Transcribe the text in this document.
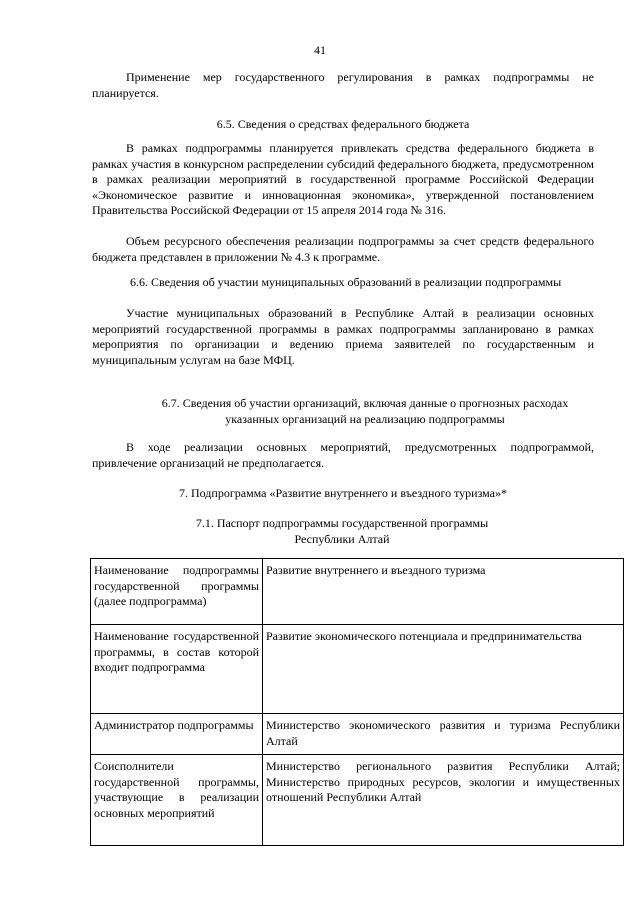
41

Применение мер государственного регулирования в рамках подпрограммы не планируется.

6.5. Сведения о средствах федерального бюджета

В рамках подпрограммы планируется привлекать средства федерального бюджета в рамках участия в конкурсном распределении субсидий федерального бюджета, предусмотренном в рамках реализации мероприятий в государственной программе Российской Федерации «Экономическое развитие и инновационная экономика», утвержденной постановлением Правительства Российской Федерации от 15 апреля 2014 года № 316.

Объем ресурсного обеспечения реализации подпрограммы за счет средств федерального бюджета представлен в приложении № 4.3 к программе.

6.6. Сведения об участии муниципальных образований в реализации подпрограммы

Участие муниципальных образований в Республике Алтай в реализации основных мероприятий государственной программы в рамках подпрограммы запланировано в рамках мероприятия по организации и ведению приема заявителей по государственным и муниципальным услугам на базе МФЦ.

6.7. Сведения об участии организаций, включая данные о прогнозных расходах указанных организаций на реализацию подпрограммы

В ходе реализации основных мероприятий, предусмотренных подпрограммой, привлечение организаций не предполагается.

7. Подпрограмма «Развитие внутреннего и въездного туризма»*

7.1. Паспорт подпрограммы государственной программы Республики Алтай

Наименование подпрограммы государственной программы (далее подпрограмма)	Развитие внутреннего и въездного туризма
Наименование государственной программы, в состав которой входит подпрограмма	Развитие экономического потенциала и предпринимательства
Администратор подпрограммы	Министерство экономического развития и туризма Республики Алтай
Соисполнители государственной программы, участвующие в реализации основных мероприятий	Министерство регионального развития Республики Алтай; Министерство природных ресурсов, экологии и имущественных отношений Республики Алтай
